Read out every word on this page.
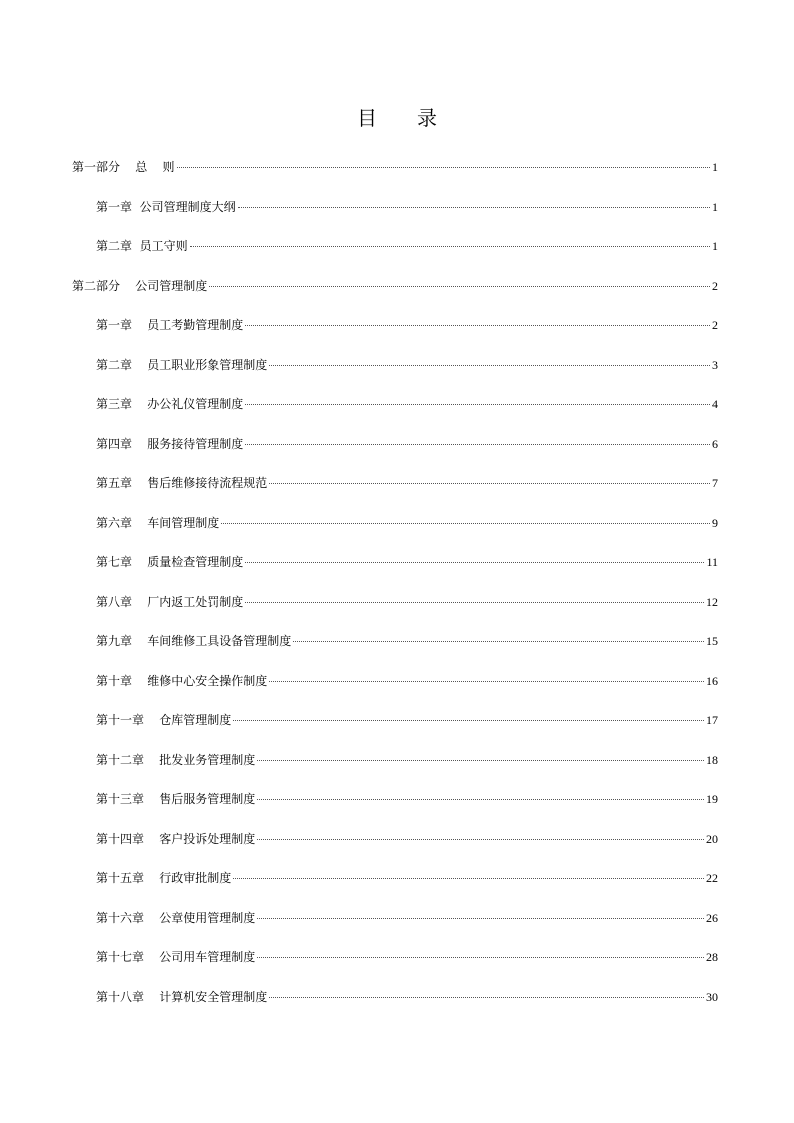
目 录
第一部分    总    则	1
第一章  公司管理制度大纲	1
第二章  员工守则	1
第二部分    公司管理制度	2
第一章    员工考勤管理制度	2
第二章    员工职业形象管理制度	3
第三章    办公礼仪管理制度	4
第四章    服务接待管理制度	6
第五章    售后维修接待流程规范	7
第六章    车间管理制度	9
第七章    质量检查管理制度	11
第八章    厂内返工处罚制度	12
第九章    车间维修工具设备管理制度	15
第十章    维修中心安全操作制度	16
第十一章    仓库管理制度	17
第十二章    批发业务管理制度	18
第十三章    售后服务管理制度	19
第十四章    客户投诉处理制度	20
第十五章    行政审批制度	22
第十六章    公章使用管理制度	26
第十七章    公司用车管理制度	28
第十八章    计算机安全管理制度	30
